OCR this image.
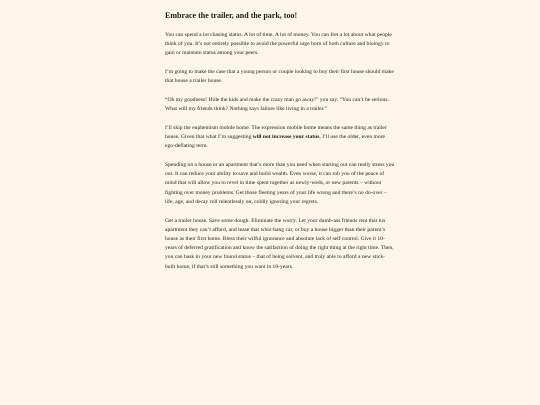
Embrace the trailer, and the park, too!

You can spend a lot chasing status. A lot of time. A lot of money. You can fret a lot about what people think of you. It’s not entirely possible to avoid the powerful urge born of both culture and biology to gain or maintain status among your peers.

I’m going to make the case that a young person or couple looking to buy their first house should make that house a trailer house.

“Oh my goodness! Hide the kids and make the crazy man go away!” you say. “You can’t be serious. What will my friends think? Nothing says failure like living in a trailer.”

I’ll skip the euphemism mobile home. The expression mobile home means the same thing as trailer house. Given that what I’m suggesting will not increase your status, I’ll use the older, even more ego-deflating term.

Spending on a house or an apartment that’s more than you need when starting out can really stress you out. It can reduce your ability to save and build wealth. Even worse, it can rob you of the peace of mind that will allow you to revel in time spent together as newly-weds, or new parents – without fighting over money problems. Get those fleeting years of your life wrong and there’s no do-over – life, age, and decay roll relentlessly on, coldly ignoring your regrets.

Get a trailer house. Save some dough. Eliminate the worry. Let your dumb-ass friends rent that lux apartment they can’t afford, and lease that whiz-bang car, or buy a house bigger than their parent’s house as their first home. Bless their wilful ignorance and absolute lack of self control. Give it 10-years of deferred gratification and know the satifaction of doing the right thing at the right time. Then, you can bask in your new found status – that of being solvent, and truly able to afford a new stick-built home, if that’s still something you want in 10-years.
